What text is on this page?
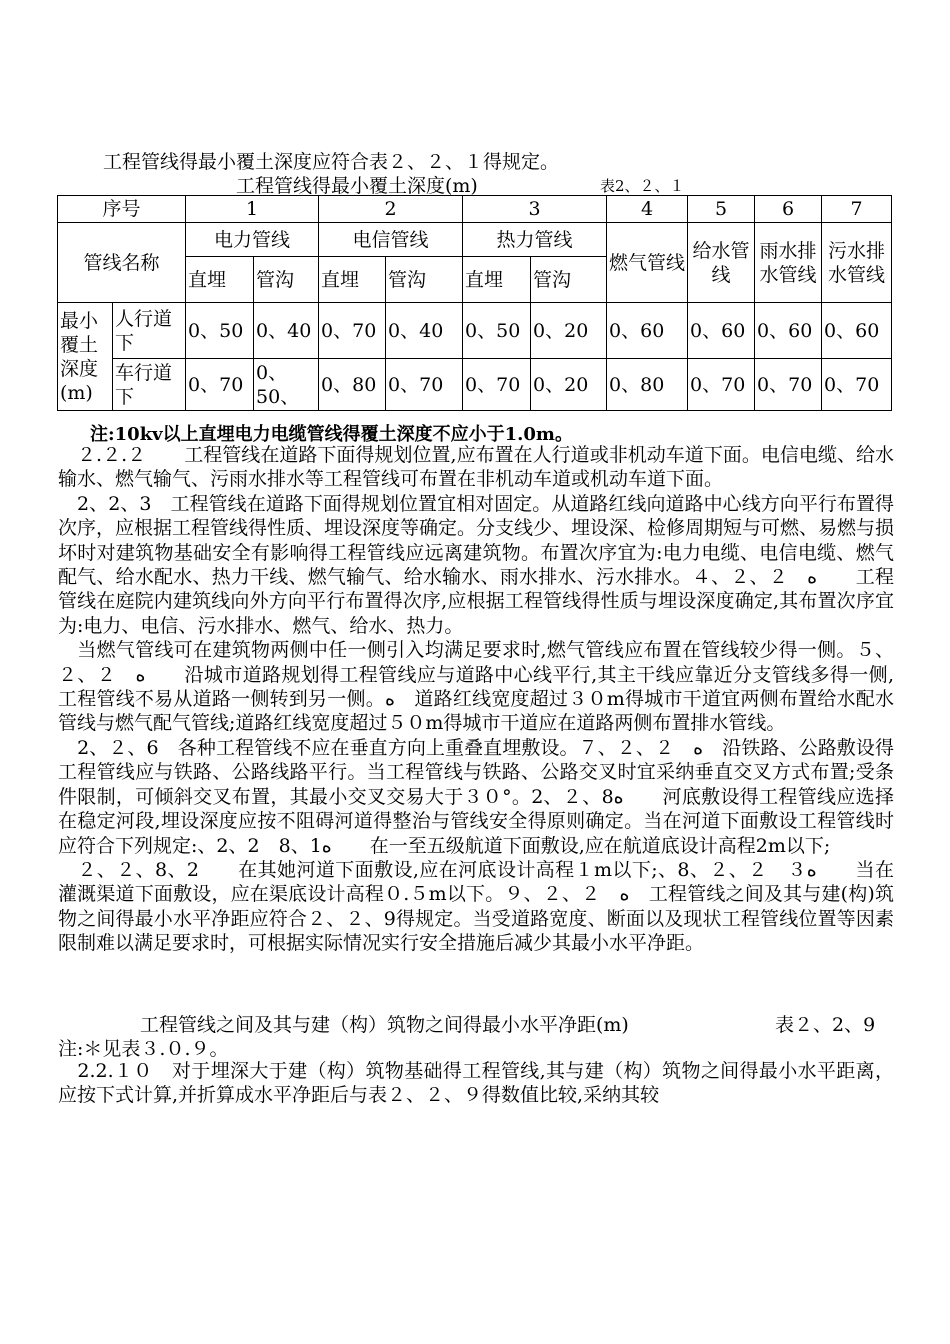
工程管线得最小覆土深度应符合表２、２、１得规定。
工程管线得最小覆土深度(m)	表2、２、１
序号		1		2		3		4	5	6	7
管线名称		电力管线		电信管线		热力管线		燃气管线	给水管线	雨水排水管线	污水排水管线
		直埋	管沟	直埋	管沟	直埋	管沟				
最小覆土深度(m)	人行道下	0、50	0、40	0、70	0、40	0、50	0、20	0、60	0、60	0、60	0、60
	车行道下	0、70	0、50、	0、80	0、70	0、70	0、20	0、80	0、70	0、70	0、70
注:10kv以上直埋电力电缆管线得覆土深度不应小于1.0m。

　２.２.２　　工程管线在道路下面得规划位置,应布置在人行道或非机动车道下面。电信电缆、给水输水、燃气输气、污雨水排水等工程管线可布置在非机动车道或机动车道下面。

　2、2、3　工程管线在道路下面得规划位置宜相对固定。从道路红线向道路中心线方向平行布置得次序，应根据工程管线得性质、埋设深度等确定。分支线少、埋设深、检修周期短与可燃、易燃与损坏时对建筑物基础安全有影响得工程管线应远离建筑物。布置次序宜为:电力电缆、电信电缆、燃气配气、给水配水、热力干线、燃气输气、给水输水、雨水排水、污水排水。４、２、２　ﻩ　　工程管线在庭院内建筑线向外方向平行布置得次序,应根据工程管线得性质与埋设深度确定,其布置次序宜为:电力、电信、污水排水、燃气、给水、热力。

　当燃气管线可在建筑物两侧中任一侧引入均满足要求时,燃气管线应布置在管线较少得一侧。５、２、２　ﻩ　　沿城市道路规划得工程管线应与道路中心线平行,其主干线应靠近分支管线多得一侧,工程管线不易从道路一侧转到另一侧。ﻩ　道路红线宽度超过３０m得城市干道宜两侧布置给水配水管线与燃气配气管线;道路红线宽度超过５０m得城市干道应在道路两侧布置排水管线。

　2、２、6　各种工程管线不应在垂直方向上重叠直埋敷设。７、２、２　ﻩ　沿铁路、公路敷设得工程管线应与铁路、公路线路平行。当工程管线与铁路、公路交叉时宜采纳垂直交叉方式布置;受条件限制，可倾斜交叉布置，其最小交叉交易大于３０°。ﻩ8、２、2　　河底敷设得工程管线应选择在稳定河段,埋设深度应按不阻碍河道得整治与管线安全得原则确定。当在河道下面敷设工程管线时应符合下列规定:、2、2　ﻩ1、8　　在一至五级航道下面敷设,应在航道底设计高程2m以下;

　２、２、8、2　　在其她河道下面敷设,应在河底设计高程１m以下;、8、２、２　ﻩ３　　当在灌溉渠道下面敷设，应在渠底设计高程０.５m以下。９、２、２　ﻩ　工程管线之间及其与建(构)筑物之间得最小水平净距应符合２、２、9得规定。当受道路宽度、断面以及现状工程管线位置等因素限制难以满足要求时，可根据实际情况实行安全措施后减少其最小水平净距。

工程管线之间及其与建（构）筑物之间得最小水平净距(m)	表２、2、9
注:＊见表３.０.９。

　2.2.１０　对于埋深大于建（构）筑物基础得工程管线,其与建（构）筑物之间得最小水平距离，应按下式计算,并折算成水平净距后与表２、２、９得数值比较,采纳其较
